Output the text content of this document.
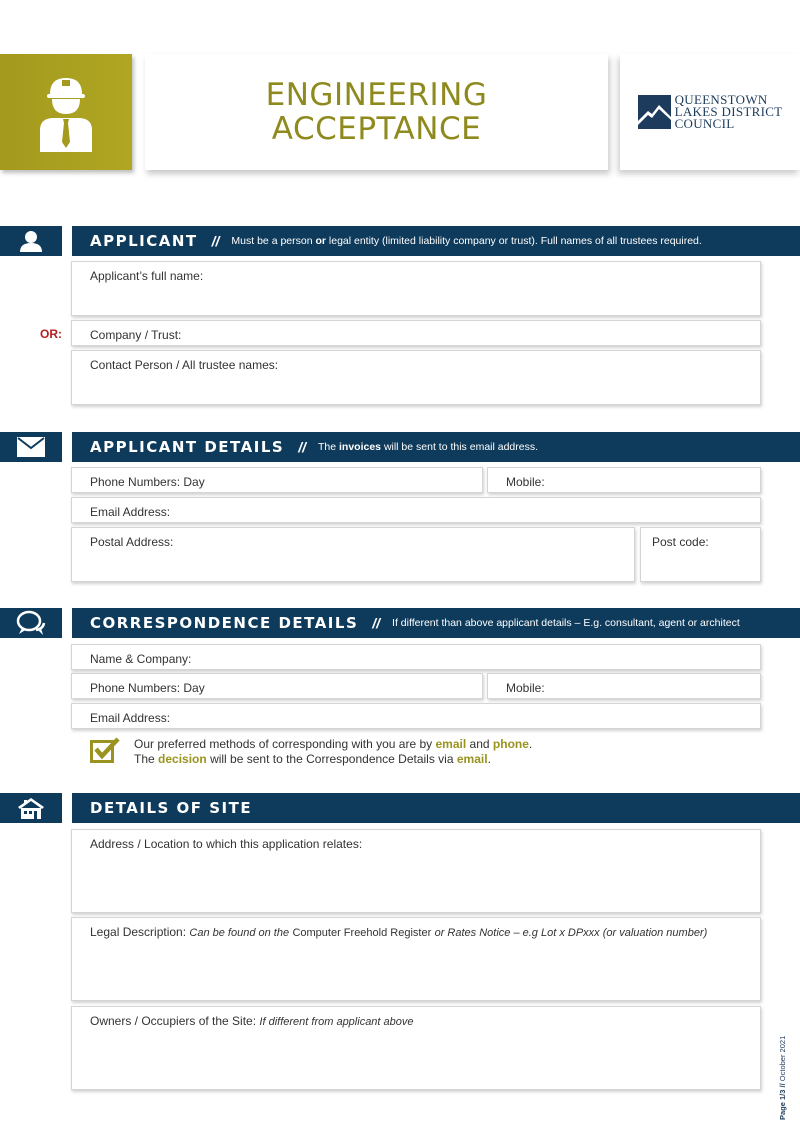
ENGINEERING
ACCEPTANCE
QUEENSTOWN
LAKES DISTRICT
COUNCIL
APPLICANT // Must be a person or legal entity (limited liability company or trust). Full names of all trustees required.
Applicant’s full name:
OR:	Company / Trust:
Contact Person / All trustee names:
APPLICANT DETAILS // The invoices will be sent to this email address.
Phone Numbers: Day	Mobile:
Email Address:
Postal Address:	Post code:
CORRESPONDENCE DETAILS // If different than above applicant details – E.g. consultant, agent or architect
Name & Company:
Phone Numbers: Day	Mobile:
Email Address:
Our preferred methods of corresponding with you are by email and phone.
The decision will be sent to the Correspondence Details via email.
DETAILS OF SITE
Address / Location to which this application relates:
Legal Description: Can be found on the Computer Freehold Register or Rates Notice – e.g Lot x DPxxx (or valuation number)
Owners / Occupiers of the Site: If different from applicant above
Page 1/3 // October 2021
